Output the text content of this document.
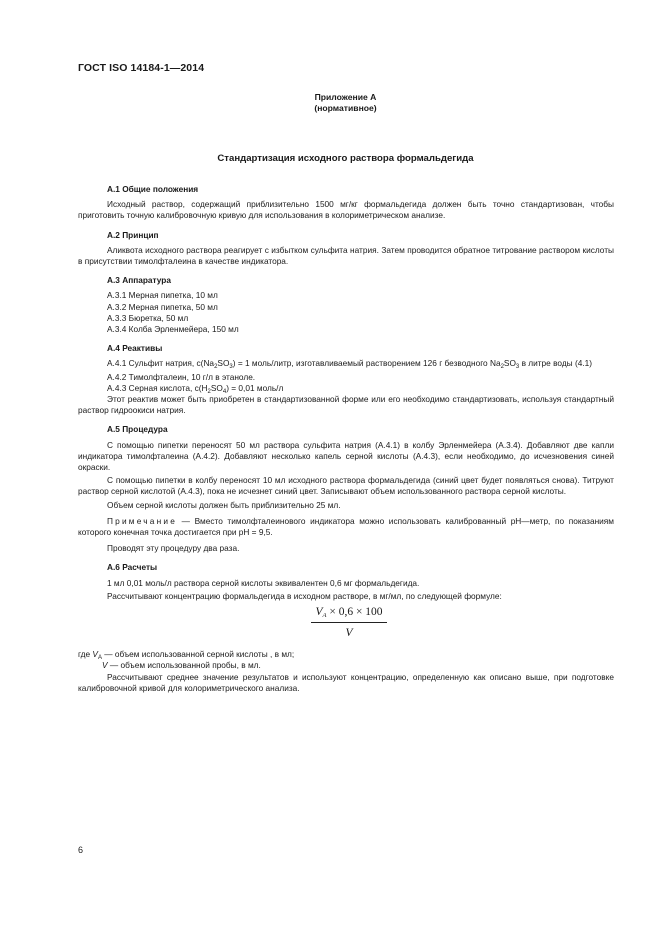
ГОСТ ISO 14184-1—2014
Приложение А
(нормативное)
Стандартизация исходного раствора формальдегида
А.1 Общие положения
Исходный раствор, содержащий приблизительно 1500 мг/кг формальдегида должен быть точно стандартизован, чтобы приготовить точную калибровочную кривую для использования в колориметрическом анализе.
А.2 Принцип
Аликвота исходного раствора реагирует с избытком сульфита натрия. Затем проводится обратное титрование раствором кислоты в присутствии тимолфталеина в качестве индикатора.
А.3 Аппаратура
А.3.1 Мерная пипетка, 10 мл
А.3.2 Мерная пипетка, 50 мл
А.3.3 Бюретка, 50 мл
А.3.4 Колба Эрленмейера, 150 мл
А.4 Реактивы
А.4.1 Сульфит натрия, $c(Na_2SO_3) = 1$ моль/литр, изготавливаемый растворением 126 г безводного $Na_2SO_3$ в литре воды (4.1)
А.4.2 Тимолфталеин, 10 г/л в этаноле.
А.4.3 Серная кислота, $c(H_2SO_4) = 0,01$ моль/л
Этот реактив может быть приобретен в стандартизованной форме или его необходимо стандартизовать, используя стандартный раствор гидроокиси натрия.
А.5 Процедура
С помощью пипетки переносят 50 мл раствора сульфита натрия (А.4.1) в колбу Эрленмейера (А.3.4). Добавляют две капли индикатора тимолфталеина (А.4.2). Добавляют несколько капель серной кислоты (А.4.3), если необходимо, до исчезновения синей окраски.
С помощью пипетки в колбу переносят 10 мл исходного раствора формальдегида (синий цвет будет появляться снова). Титруют раствор серной кислотой (А.4.3), пока не исчезнет синий цвет. Записывают объем использованного раствора серной кислоты.
Объем серной кислоты должен быть приблизительно 25 мл.
Примечание — Вместо тимолфталеинового индикатора можно использовать калиброванный pH—метр, по показаниям которого конечная точка достигается при pH = 9,5.
Проводят эту процедуру два раза.
А.6 Расчеты
1 мл 0,01 моль/л раствора серной кислоты эквивалентен 0,6 мг формальдегида.
Рассчитывают концентрацию формальдегида в исходном растворе, в мг/мл, по следующей формуле:
$V_A \times 0,6 \times 100$
V
где $V_A$ — объем использованной серной кислоты , в мл;
V — объем использованной пробы, в мл.
Рассчитывают среднее значение результатов и используют концентрацию, определенную как описано выше, при подготовке калибровочной кривой для колориметрического анализа.
6
